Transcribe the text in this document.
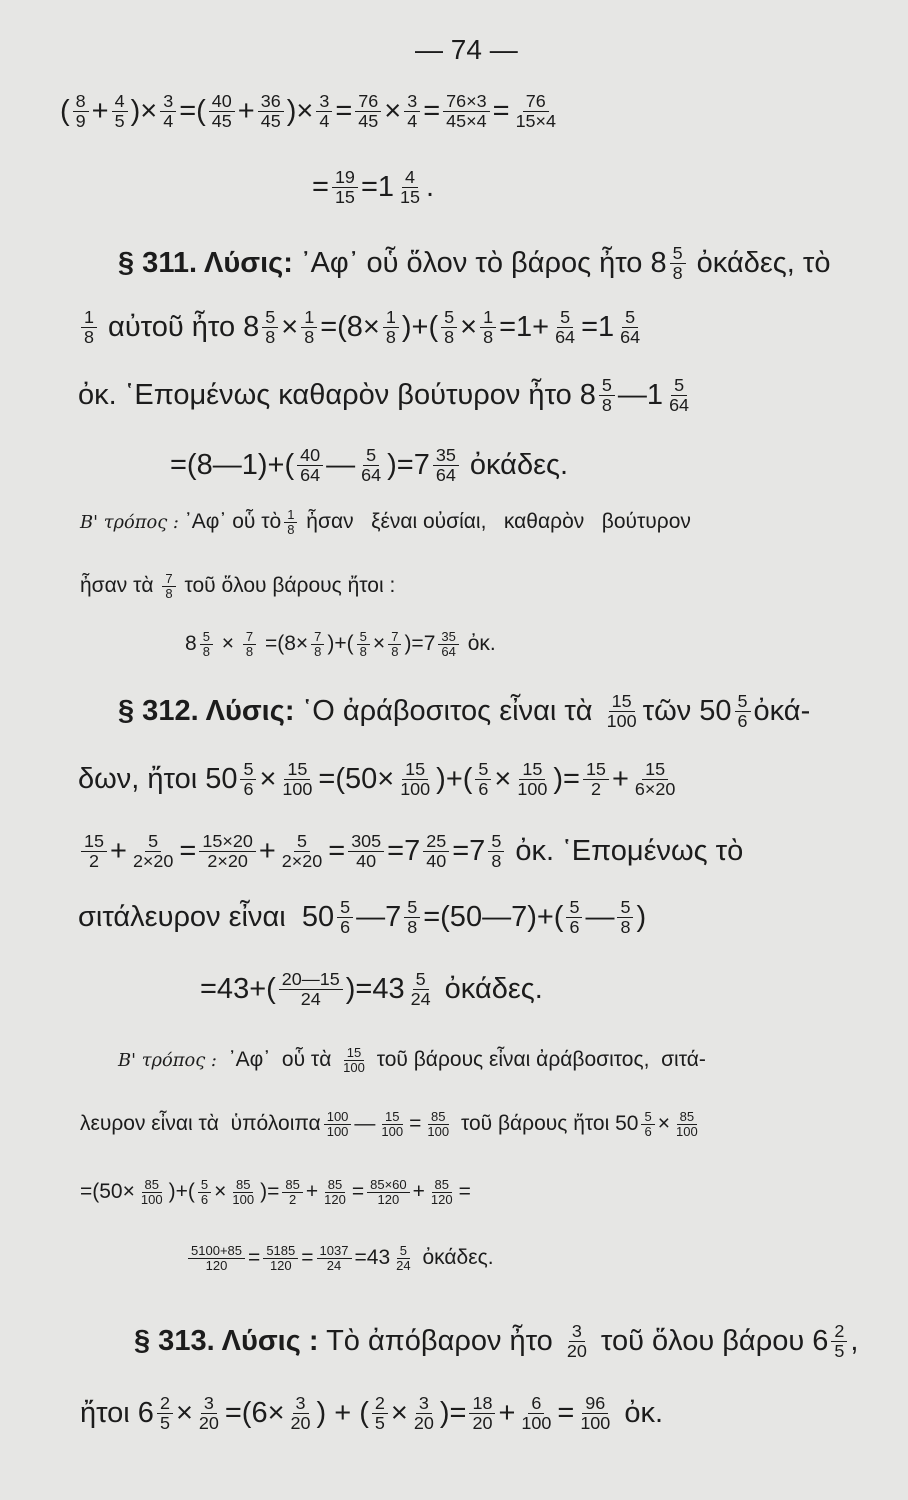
— 74 —
( $\frac{8}{9} + \frac{4}{5}$ )× $\frac{3}{4}$ =( $\frac{40}{45} + \frac{36}{45}$ )× $\frac{3}{4} = \frac{76}{45} \times \frac{3}{4} = \frac{76\times 3}{45\times 4} = \frac{76}{15\times 4}$
= $\frac{19}{15} =1 \frac{4}{15}$ .
§ 311. Λύσις: ᾿Αφ᾿ οὗ ὅλον τὸ βάρος ἦτο $8 \frac{5}{8}$ ὀκάδες, τὸ
$\frac{1}{8}$ αὐτοῦ ἦτο $8 \frac{5}{8} \times \frac{1}{8} =(8\times \frac{1}{8}$ )+( $\frac{5}{8} \times \frac{1}{8} =1+ \frac{5}{64} =1 \frac{5}{64}$
ὀκ. ῾Επομένως καθαρὸν βούτυρον ἦτο $8 \frac{5}{8}$ —1 $\frac{5}{64}$
=(8—1)+( $\frac{40}{64}$ — $\frac{5}{64} )=7 \frac{35}{64}$ ὀκάδες.
Β' τρόπος : ᾿Αφ᾿ οὗ τὸ $\frac{1}{8}$ ἦσαν   ξέναι οὐσίαι,   καθαρὸν   βούτυρον
ἦσαν τὰ $\frac{7}{8}$ τοῦ ὅλου βάρους ἤτοι :
$8 \frac{5}{8} \times \frac{7}{8} =(8\times \frac{7}{8}$ )+( $\frac{5}{8} \times \frac{7}{8} )=7 \frac{35}{64}$ ὀκ.
§ 312. Λύσις: ῾Ο ἀράβοσιτος εἶναι τὰ $\frac{15}{100}$ τῶν $50 \frac{5}{6}$ ὀκά-
δων, ἤτοι $50 \frac{5}{6} \times \frac{15}{100} =(50\times \frac{15}{100}$ )+( $\frac{5}{6} \times \frac{15}{100}$ )= $\frac{15}{2} + \frac{15}{6\times 20}$
$\frac{15}{2} + \frac{5}{2\times 20} = \frac{15\times 20}{2\times 20} + \frac{5}{2\times 20} = \frac{305}{40} =7 \frac{25}{40} =7 \frac{5}{8}$ ὀκ. ῾Επομένως τὸ
σιτάλευρον εἶναι  $50 \frac{5}{6}$ —7 $\frac{5}{8}$ =(50—7)+( $\frac{5}{6}$ — $\frac{5}{8}$ )
$=43+( \frac{20—15}{24} )=43 \frac{5}{24}$ ὀκάδες.
Β' τρόπος : ᾿Αφ᾿  οὗ τὰ $\frac{15}{100}$ τοῦ βάρους εἶναι ἀράβοσιτος,  σιτά-
λευρον εἶναι τὰ  ὑπόλοιπα $\frac{100}{100}$ — $\frac{15}{100} = \frac{85}{100}$ τοῦ βάρους ἤτοι $50 \frac{5}{6} \times \frac{85}{100}$
$=(50\times \frac{85}{100}$ )+( $\frac{5}{6} \times \frac{85}{100}$ )= $\frac{85}{2} + \frac{85}{120} = \frac{85\times 60}{120} + \frac{85}{120}$ =
$\frac{5100+85}{120} = \frac{5185}{120} = \frac{1037}{24} =43 \frac{5}{24}$ ὀκάδες.
§ 313. Λύσις : Τὸ ἀπόβαρον ἦτο $\frac{3}{20}$ τοῦ ὅλου βάρου $6 \frac{2}{5}$ ,
ἤτοι $6 \frac{2}{5} \times \frac{3}{20} =(6\times \frac{3}{20}$ ) + ( $\frac{2}{5} \times \frac{3}{20}$ )= $\frac{18}{20} + \frac{6}{100} = \frac{96}{100}$ ὀκ.
